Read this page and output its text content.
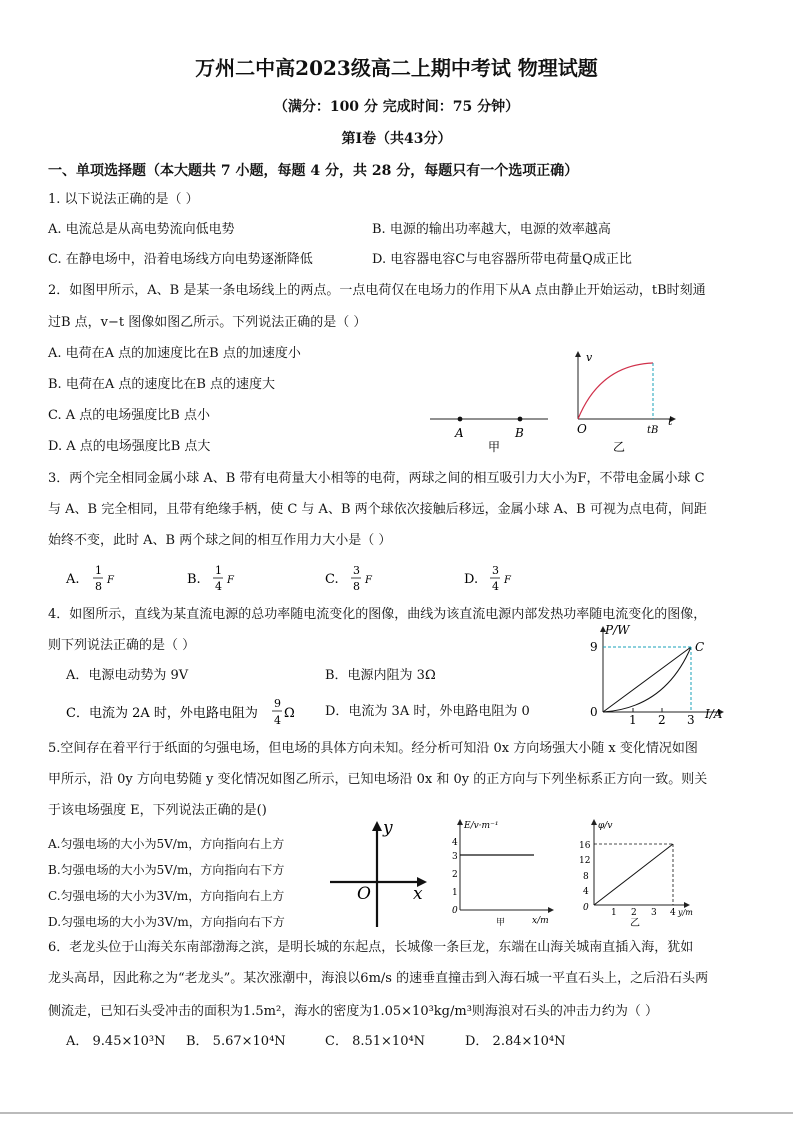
万州二中高2023级高二上期中考试 物理试题
（满分：100 分 完成时间：75 分钟）
第Ⅰ卷（共43分）
一、单项选择题（本大题共 7 小题，每题 4 分，共 28 分，每题只有一个选项正确）
1. 以下说法正确的是（ ）
A. 电流总是从高电势流向低电势	B. 电源的输出功率越大，电源的效率越高
C. 在静电场中，沿着电场线方向电势逐渐降低	D. 电容器电容C与电容器所带电荷量Q成正比
2．如图甲所示，A、B 是某一条电场线上的两点。一点电荷仅在电场力的作用下从A 点由静止开始运动，tB时刻通
过B 点，v−t 图像如图乙所示。下列说法正确的是（ ）
A. 电荷在A 点的加速度比在B 点的加速度小
B. 电荷在A 点的速度比在B 点的速度大
C. A 点的电场强度比B 点小
D. A 点的电场强度比B 点大
A	B
甲
v
t
O	tB
乙
3．两个完全相同金属小球 A、B 带有电荷量大小相等的电荷，两球之间的相互吸引力大小为F，不带电金属小球 C
与 A、B 完全相同，且带有绝缘手柄，使 C 与 A、B 两个球依次接触后移远，金属小球 A、B 可视为点电荷，间距
始终不变，此时 A、B 两个球之间的相互作用力大小是（ ）
A.
1
8 F	B.
1
4 F	C.
3
8 F	D.
3
4 F
4．如图所示，直线为某直流电源的总功率随电流变化的图像，曲线为该直流电源内部发热功率随电流变化的图像，
则下列说法正确的是（ ）
A．电源电动势为 9V	B．电源内阻为 3Ω
C．电流为 2A 时，外电路电阻为
9
4 Ω D．电流为 3A 时，外电路电阻为 0
P/W
I/A
9	C
0
1 2 3
5.空间存在着平行于纸面的匀强电场，但电场的具体方向未知。经分析可知沿 0x 方向场强大小随 x 变化情况如图
甲所示，沿 0y 方向电势随 y 变化情况如图乙所示，已知电场沿 0x 和 0y 的正方向与下列坐标系正方向一致。则关
于该电场强度 E，下列说法正确的是()
A.匀强电场的大小为5V/m，方向指向右上方
B.匀强电场的大小为5V/m，方向指向右下方
C.匀强电场的大小为3V/m，方向指向右上方
D.匀强电场的大小为3V/m，方向指向右下方
y
x
O
E/v·m⁻¹
4
3
2
1
0
甲	x/m
φ/v
16
12
8
4
0 1 2 3 4 y/m
乙
6．老龙头位于山海关东南部渤海之滨，是明长城的东起点，长城像一条巨龙，东端在山海关城南直插入海，犹如
龙头高昂，因此称之为“老龙头”。某次涨潮中，海浪以6m/s 的速垂直撞击到入海石城一平直石头上，之后沿石头两
侧流走，已知石头受冲击的面积为1.5m²，海水的密度为1.05×10³kg/m³则海浪对石头的冲击力约为（ ）
A． 9.45×10³N B． 5.67×10⁴N	C． 8.51×10⁴N	D． 2.84×10⁴N
